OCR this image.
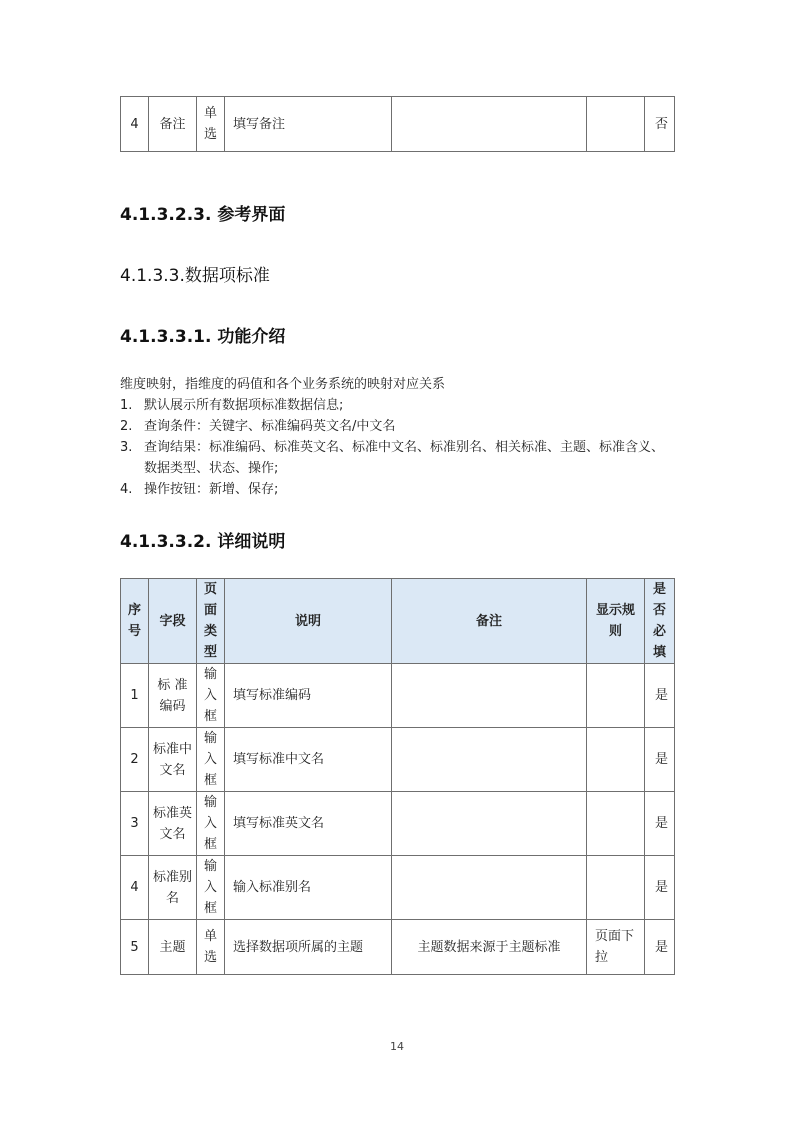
4	备注	单选	填写备注			否
4.1.3.2.3. 参考界面
4.1.3.3.数据项标准
4.1.3.3.1. 功能介绍

维度映射，指维度的码值和各个业务系统的映射对应关系

1. 默认展示所有数据项标准数据信息;
2. 查询条件：关键字、标准编码英文名/中文名
3. 查询结果：标准编码、标准英文名、标准中文名、标准别名、相关标准、主题、标准含义、数据类型、状态、操作;
4. 操作按钮：新增、保存;
4.1.3.3.2. 详细说明
序号	字段	页面类型	说明	备注	显示规则	是否必填
1	标 准编码	输入框	填写标准编码			是
2	标准中文名	输入框	填写标准中文名			是
3	标准英文名	输入框	填写标准英文名			是
4	标准别名	输入框	输入标准别名			是
5	主题	单选	选择数据项所属的主题	主题数据来源于主题标准	页面下拉	是
14
